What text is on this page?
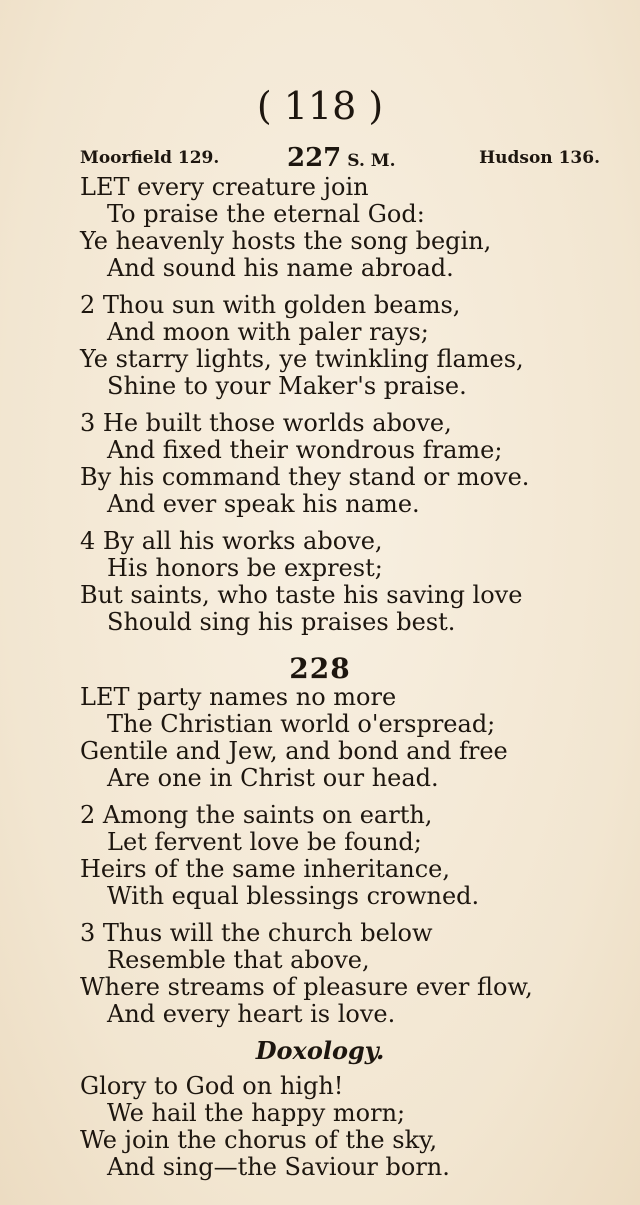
( 118 )
Moorfield 129.	227 S. M.	Hudson 136.
LET every creature join
To praise the eternal God:
Ye heavenly hosts the song begin,
And sound his name abroad.
2 Thou sun with golden beams,
And moon with paler rays;
Ye starry lights, ye twinkling flames,
Shine to your Maker's praise.
3 He built those worlds above,
And fixed their wondrous frame;
By his command they stand or move.
And ever speak his name.
4 By all his works above,
His honors be exprest;
But saints, who taste his saving love
Should sing his praises best.
228
LET party names no more
The Christian world o'erspread;
Gentile and Jew, and bond and free
Are one in Christ our head.
2 Among the saints on earth,
Let fervent love be found;
Heirs of the same inheritance,
With equal blessings crowned.
3 Thus will the church below
Resemble that above,
Where streams of pleasure ever flow,
And every heart is love.
Doxology.
Glory to God on high!
We hail the happy morn;
We join the chorus of the sky,
And sing—the Saviour born.
